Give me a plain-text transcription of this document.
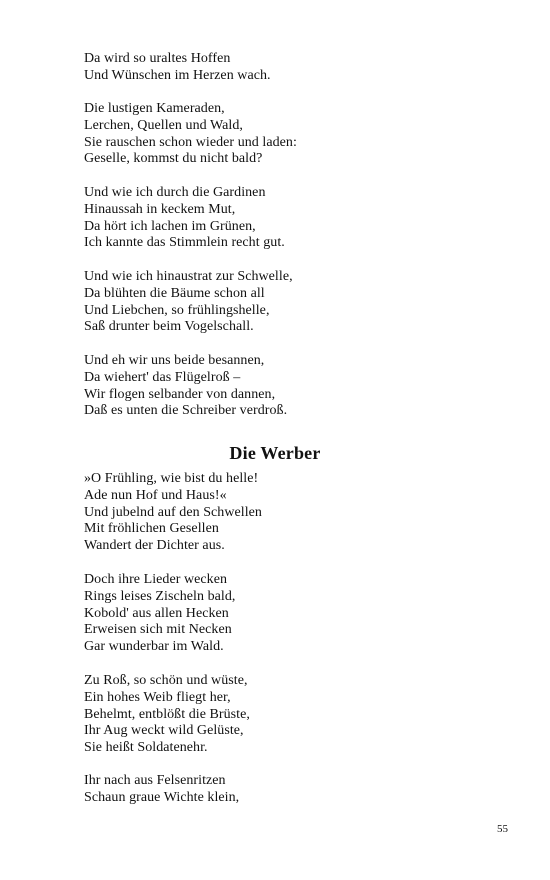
Da wird so uraltes Hoffen
Und Wünschen im Herzen wach.
Die lustigen Kameraden,
Lerchen, Quellen und Wald,
Sie rauschen schon wieder und laden:
Geselle, kommst du nicht bald?
Und wie ich durch die Gardinen
Hinaussah in keckem Mut,
Da hört ich lachen im Grünen,
Ich kannte das Stimmlein recht gut.
Und wie ich hinaustrat zur Schwelle,
Da blühten die Bäume schon all
Und Liebchen, so frühlingshelle,
Saß drunter beim Vogelschall.
Und eh wir uns beide besannen,
Da wiehert' das Flügelroß –
Wir flogen selbander von dannen,
Daß es unten die Schreiber verdroß.
Die Werber
»O Frühling, wie bist du helle!
Ade nun Hof und Haus!«
Und jubelnd auf den Schwellen
Mit fröhlichen Gesellen
Wandert der Dichter aus.
Doch ihre Lieder wecken
Rings leises Zischeln bald,
Kobold' aus allen Hecken
Erweisen sich mit Necken
Gar wunderbar im Wald.
Zu Roß, so schön und wüste,
Ein hohes Weib fliegt her,
Behelmt, entblößt die Brüste,
Ihr Aug weckt wild Gelüste,
Sie heißt Soldatenehr.
Ihr nach aus Felsenritzen
Schaun graue Wichte klein,
55
